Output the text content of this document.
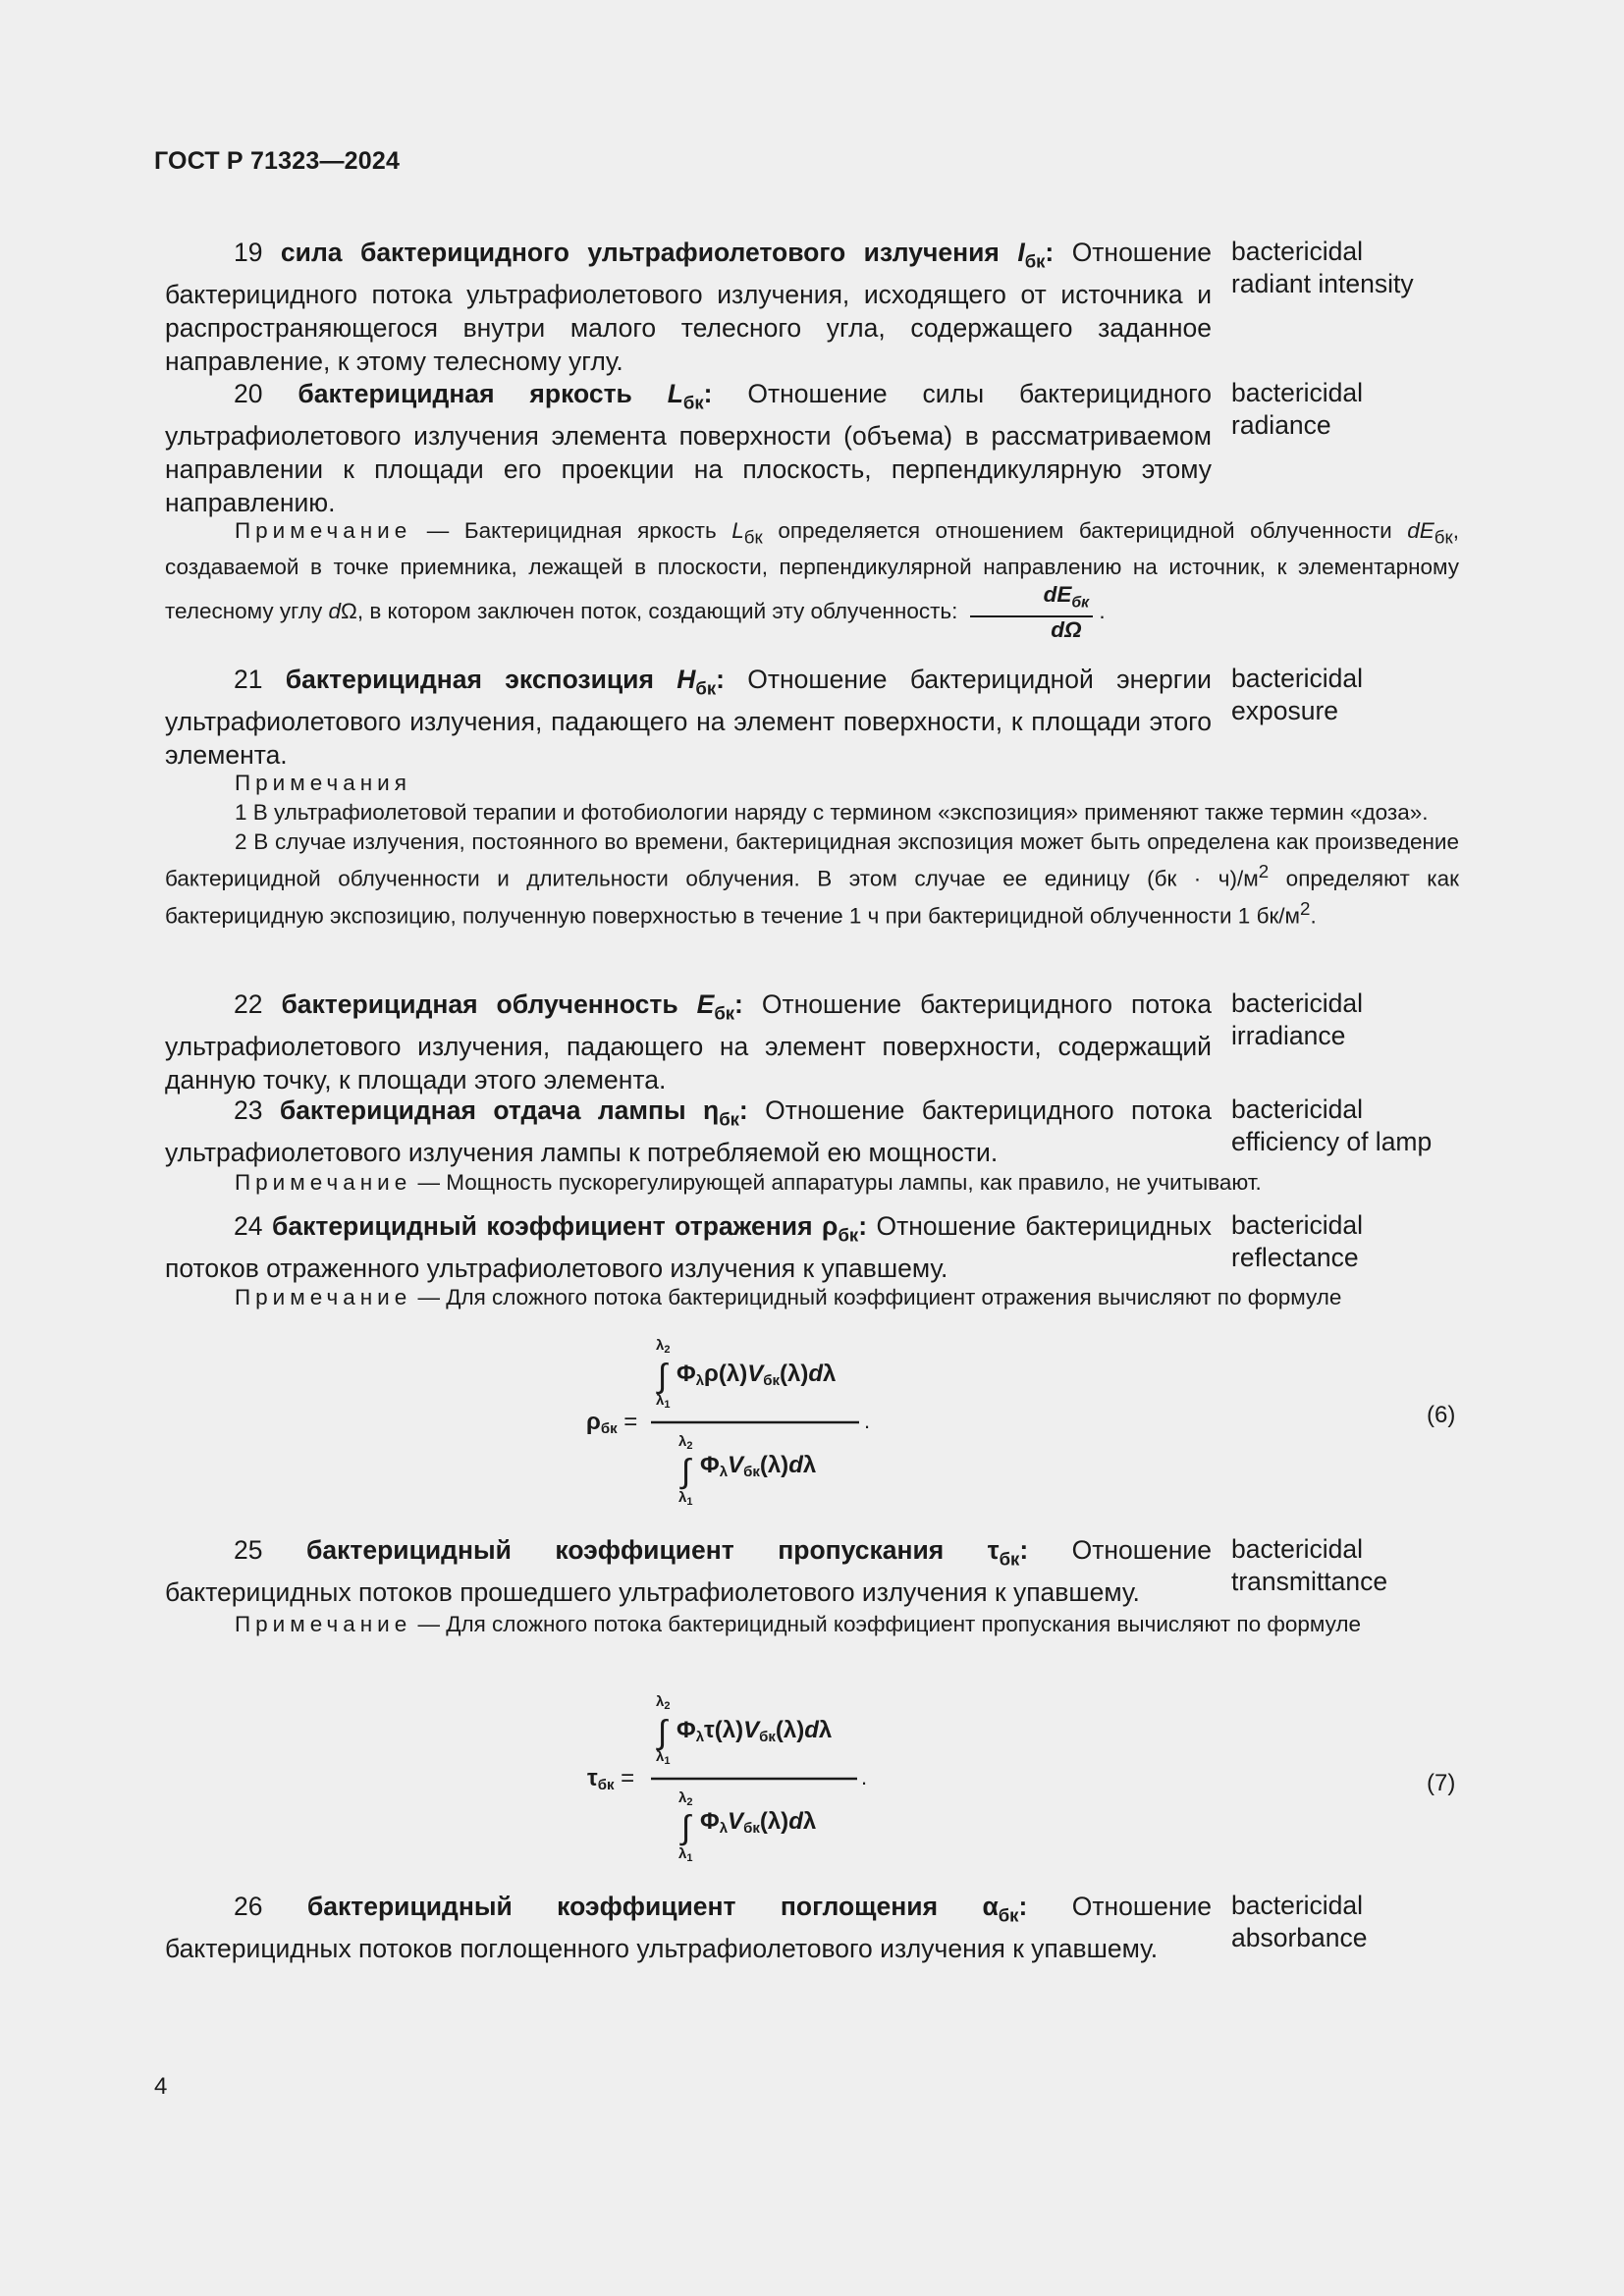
ГОСТ Р 71323—2024
19 сила бактерицидного ультрафиолетового излучения $I_{бк}$: Отношение бактерицидного потока ультрафиолетового излучения, исходящего от источника и распространяющегося внутри малого телесного угла, содержащего заданное направление, к этому телесному углу.
bactericidal
radiant intensity
20 бактерицидная яркость $L_{бк}$: Отношение силы бактерицидного ультрафиолетового излучения элемента поверхности (объема) в рассматриваемом направлении к площади его проекции на плоскость, перпендикулярную этому направлению.
bactericidal
radiance

Примечание — Бактерицидная яркость $L_{бк}$ определяется отношением бактерицидной облученности $dE_{бк}$, создаваемой в точке приемника, лежащей в плоскости, перпендикулярной направлению на источник, к элементарному телесному углу dΩ, в котором заключен поток, создающий эту облученность:
$dE_{бк}$
dΩ
.

21 бактерицидная экспозиция $H_{бк}$: Отношение бактерицидной энергии ультрафиолетового излучения, падающего на элемент поверхности, к площади этого элемента.
bactericidal
exposure

Примечания

1 В ультрафиолетовой терапии и фотобиологии наряду с термином «экспозиция» применяют также термин «доза».

2 В случае излучения, постоянного во времени, бактерицидная экспозиция может быть определена как произведение бактерицидной облученности и длительности облучения. В этом случае ее единицу $(бк \cdot ч)/м^2$ определяют как бактерицидную экспозицию, полученную поверхностью в течение 1 ч при бактерицидной облученности 1 $бк/м^2$.

22 бактерицидная облученность $E_{бк}$: Отношение бактерицидного потока ультрафиолетового излучения, падающего на элемент поверхности, содержащий данную точку, к площади этого элемента.
bactericidal
irradiance
23 бактерицидная отдача лампы $\eta_{бк}$: Отношение бактерицидного потока ультрафиолетового излучения лампы к потребляемой ею мощности.
bactericidal
efficiency of lamp

Примечание — Мощность пускорегулирующей аппаратуры лампы, как правило, не учитывают.

24 бактерицидный коэффициент отражения $\rho_{бк}$: Отношение бактерицидных потоков отраженного ультрафиолетового излучения к упавшему.
bactericidal
reflectance

Примечание — Для сложного потока бактерицидный коэффициент отражения вычисляют по формуле

$\lambda_2$
∫
$\lambda_1$
Φλρ(λ)Vбк(λ)dλ
.
ρбк =
$\lambda_2$
∫
$\lambda_1$
ΦλVбк(λ)dλ
(6)
25 бактерицидный коэффициент пропускания $\tau_{бк}$: Отношение бактерицидных потоков прошедшего ультрафиолетового излучения к упавшему.
bactericidal
transmittance

Примечание — Для сложного потока бактерицидный коэффициент пропускания вычисляют по формуле

$\lambda_2$
∫
$\lambda_1$
Φλτ(λ)Vбк(λ)dλ
.
τбк =
$\lambda_2$
∫
$\lambda_1$
ΦλVбк(λ)dλ
(7)
26 бактерицидный коэффициент поглощения $\alpha_{бк}$: Отношение бактерицидных потоков поглощенного ультрафиолетового излучения к упавшему.
bactericidal
absorbance
4
